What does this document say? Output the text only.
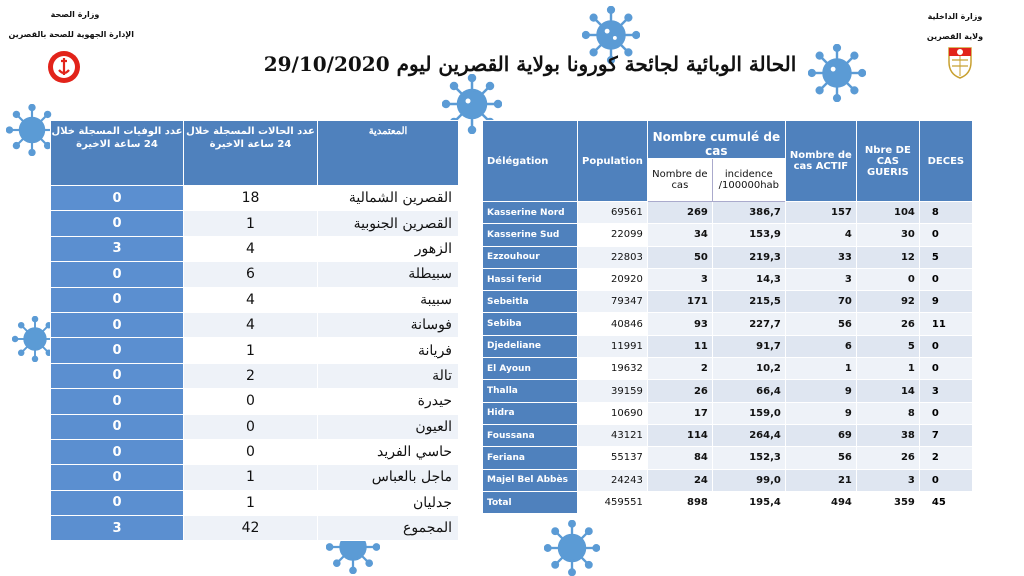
وزارة الصحة
الإدارة الجهوية للصحة بالقصرين
وزارة الداخلية
ولاية القصرين
الحالة الوبائية لجائحة كورونا بولاية القصرين ليوم 29/10/2020
عدد الوفيات المسجلة خلال 24 ساعة الاخيرة	عدد الحالات المسجلة خلال 24 ساعة الاخيرة	المعتمدية
0	18	القصرين الشمالية
0	1	القصرين الجنوبية
3	4	الزهور
0	6	سبيطلة
0	4	سبيبة
0	4	فوسانة
0	1	فريانة
0	2	تالة
0	0	حيدرة
0	0	العيون
0	0	حاسي الفريد
0	1	ماجل بالعباس
0	1	جدليان
3	42	المجموع
Délégation	Population	Nombre cumulé de cas		Nombre de cas ACTIF	Nbre DE CAS GUERIS	DECES
		Nombre de cas	incidence /100000hab			
Kasserine Nord	69561	269	386,7	157	104	8
Kasserine Sud	22099	34	153,9	4	30	0
Ezzouhour	22803	50	219,3	33	12	5
Hassi ferid	20920	3	14,3	3	0	0
Sebeitla	79347	171	215,5	70	92	9
Sebiba	40846	93	227,7	56	26	11
Djedeliane	11991	11	91,7	6	5	0
El Ayoun	19632	2	10,2	1	1	0
Thalla	39159	26	66,4	9	14	3
Hidra	10690	17	159,0	9	8	0
Foussana	43121	114	264,4	69	38	7
Feriana	55137	84	152,3	56	26	2
Majel Bel Abbès	24243	24	99,0	21	3	0
Total	459551	898	195,4	494	359	45
